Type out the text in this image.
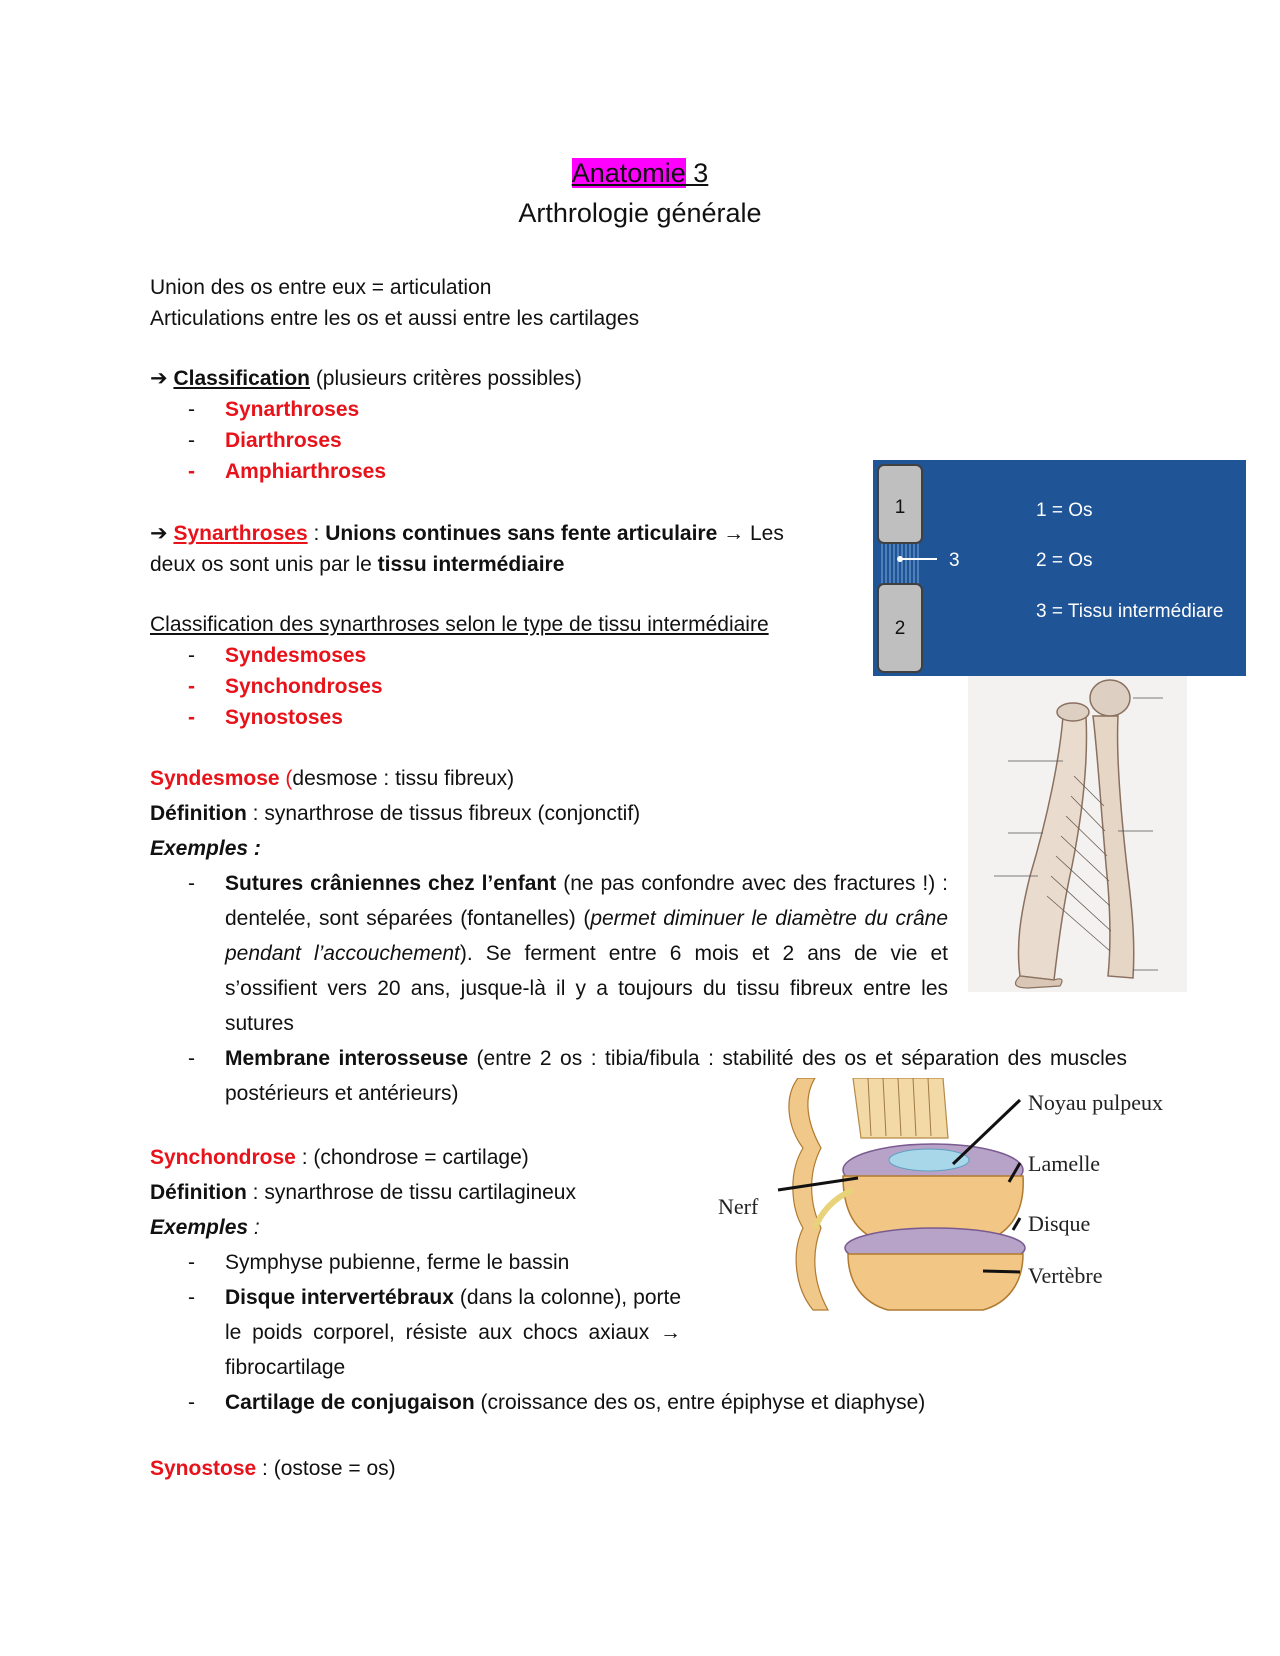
Anatomie 3
Arthrologie générale
Union des os entre eux = articulation
Articulations entre les os et aussi entre les cartilages
➔ Classification (plusieurs critères possibles)
- Synarthroses
- Diarthroses
- Amphiarthroses
➔ Synarthroses : Unions continues sans fente articulaire → Les
deux os sont unis par le tissu intermédiaire
Classification des synarthroses selon le type de tissu intermédiaire
- Syndesmoses
- Synchondroses
- Synostoses
Syndesmose (desmose : tissu fibreux)
Définition : synarthrose de tissus fibreux (conjonctif)
Exemples :
- Sutures crâniennes chez l’enfant (ne pas confondre avec des fractures !) : dentelée, sont séparées (fontanelles) (permet diminuer le diamètre du crâne pendant l’accouchement). Se ferment entre 6 mois et 2 ans de vie et s’ossifient vers 20 ans, jusque-là il y a toujours du tissu fibreux entre les sutures
- Membrane interosseuse (entre 2 os : tibia/fibula : stabilité des os et séparation des muscles postérieurs et antérieurs)
Synchondrose : (chondrose = cartilage)
Définition : synarthrose de tissu cartilagineux
Exemples :
- Symphyse pubienne, ferme le bassin
- Disque intervertébraux (dans la colonne), porte le poids corporel, résiste aux chocs axiaux → fibrocartilage
- Cartilage de conjugaison (croissance des os, entre épiphyse et diaphyse)
Synostose : (ostose = os)
1
2
3
1 = Os
2 = Os
3 = Tissu intermédiare
Noyau pulpeux
Lamelle
Disque
Vertèbre
Nerf
